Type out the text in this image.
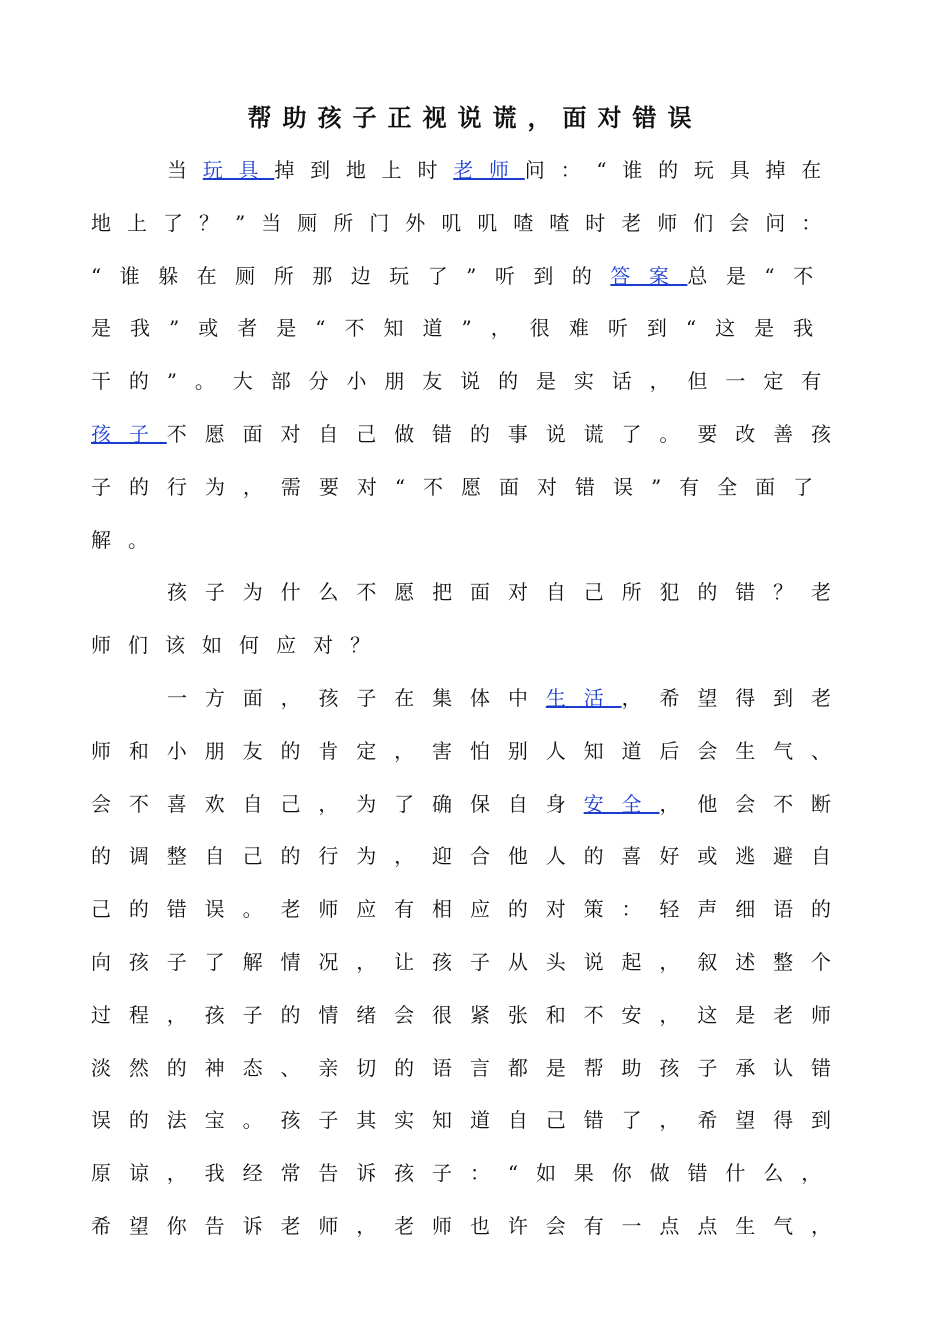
帮助孩子正视说谎，面对错误
当玩具掉到地上时老师问：“谁的玩具掉在
地上了？”当厕所门外叽叽喳喳时老师们会问：
“谁躲在厕所那边玩了”听到的答案总是“不
是我”或者是“不知道”，很难听到“这是我
干的”。大部分小朋友说的是实话，但一定有
孩子不愿面对自己做错的事说谎了。要改善孩
子的行为，需要对“不愿面对错误”有全面了
解。
孩子为什么不愿把面对自己所犯的错？老
师们该如何应对？
一方面，孩子在集体中生活，希望得到老
师和小朋友的肯定，害怕别人知道后会生气、
会不喜欢自己，为了确保自身安全，他会不断
的调整自己的行为，迎合他人的喜好或逃避自
己的错误。老师应有相应的对策：轻声细语的
向孩子了解情况，让孩子从头说起，叙述整个
过程，孩子的情绪会很紧张和不安，这是老师
淡然的神态、亲切的语言都是帮助孩子承认错
误的法宝。孩子其实知道自己错了，希望得到
原谅，我经常告诉孩子：“如果你做错什么，
希望你告诉老师，老师也许会有一点点生气，
